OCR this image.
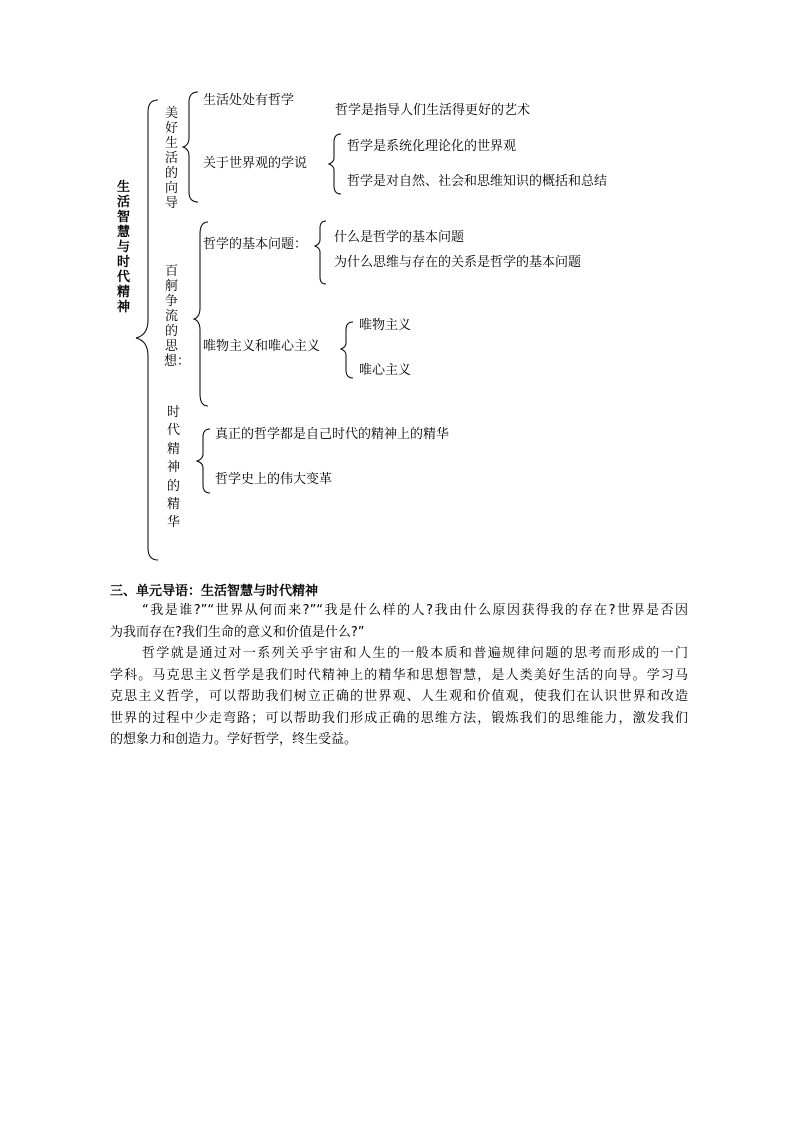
生活智慧与时代精神
美好生活的向导
生活处处有哲学
哲学是指导人们生活得更好的艺术
关于世界观的学说
哲学是系统化理论化的世界观
哲学是对自然、社会和思维知识的概括和总结
百舸争流的思想：
哲学的基本问题： 什么是哲学的基本问题
为什么思维与存在的关系是哲学的基本问题
唯物主义和唯心主义
唯物主义
唯心主义
时代精神的精华
真正的哲学都是自己时代的精神上的精华
哲学史上的伟大变革
三、单元导语：生活智慧与时代精神
“我是谁?”“世界从何而来?”“我是什么样的人?我由什么原因获得我的存在?世界是否因
为我而存在?我们生命的意义和价值是什么?”
哲学就是通过对一系列关乎宇宙和人生的一般本质和普遍规律问题的思考而形成的一门
学科。马克思主义哲学是我们时代精神上的精华和思想智慧，是人类美好生活的向导。学习马
克思主义哲学，可以帮助我们树立正确的世界观、人生观和价值观，使我们在认识世界和改造
世界的过程中少走弯路；可以帮助我们形成正确的思维方法，锻炼我们的思维能力，激发我们
的想象力和创造力。学好哲学，终生受益。
